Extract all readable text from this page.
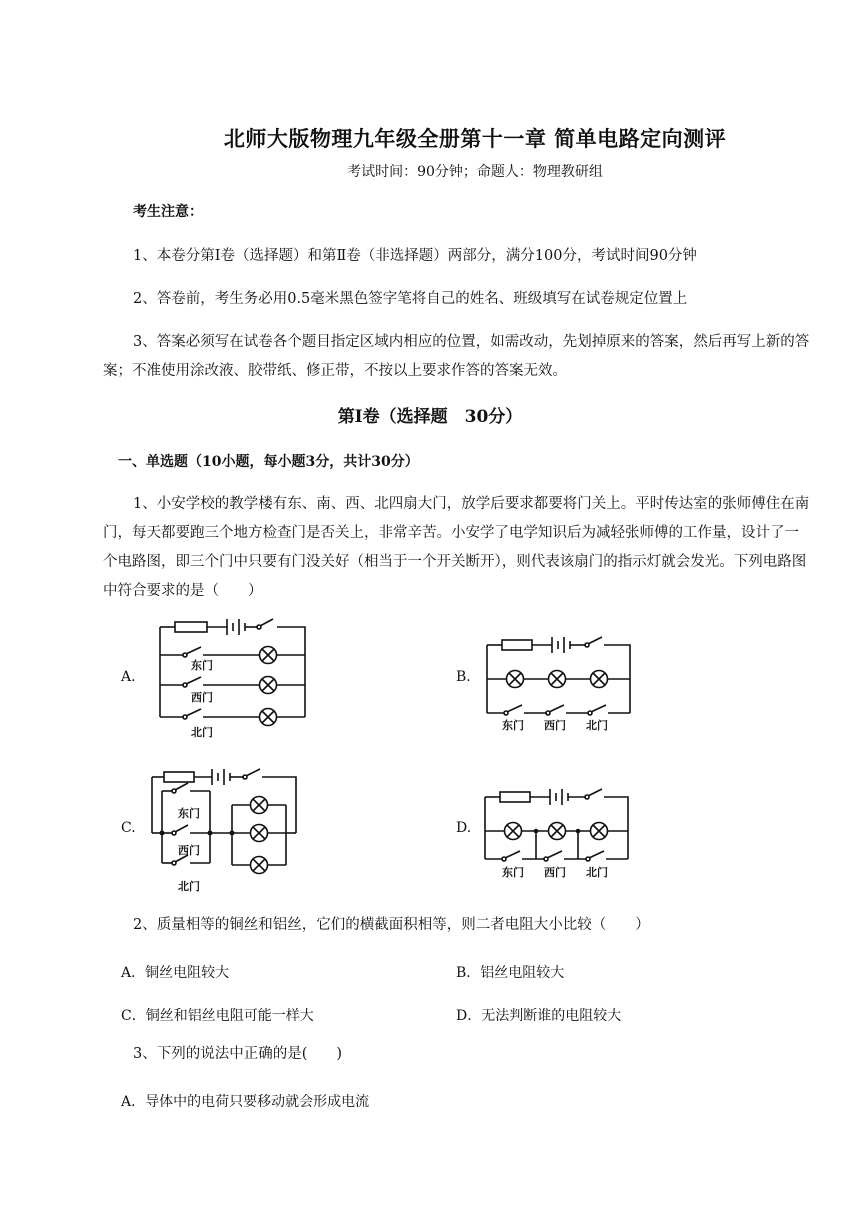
北师大版物理九年级全册第十一章 简单电路定向测评
考试时间：90分钟；命题人：物理教研组
考生注意：
1、本卷分第Ⅰ卷（选择题）和第Ⅱ卷（非选择题）两部分，满分100分，考试时间90分钟
2、答卷前，考生务必用0.5毫米黑色签字笔将自己的姓名、班级填写在试卷规定位置上
3、答案必须写在试卷各个题目指定区域内相应的位置，如需改动，先划掉原来的答案，然后再写上新的答案；不准使用涂改液、胶带纸、修正带，不按以上要求作答的答案无效。
第Ⅰ卷（选择题　30分）
一、单选题（10小题，每小题3分，共计30分）
1、小安学校的教学楼有东、南、西、北四扇大门，放学后要求都要将门关上。平时传达室的张师傅住在南门，每天都要跑三个地方检查门是否关上，非常辛苦。小安学了电学知识后为减轻张师傅的工作量，设计了一个电路图，即三个门中只要有门没关好（相当于一个开关断开），则代表该扇门的指示灯就会发光。下列电路图中符合要求的是（　　）
A.	B.
C.	D.
东门
西门
北门
东门 西门 北门
东门
西门
北门
东门 西门 北门
2、质量相等的铜丝和铝丝，它们的横截面积相等，则二者电阻大小比较（　　）
A．铜丝电阻较大	B．铝丝电阻较大
C．铜丝和铝丝电阻可能一样大	D．无法判断谁的电阻较大
3、下列的说法中正确的是(　　)
A．导体中的电荷只要移动就会形成电流
